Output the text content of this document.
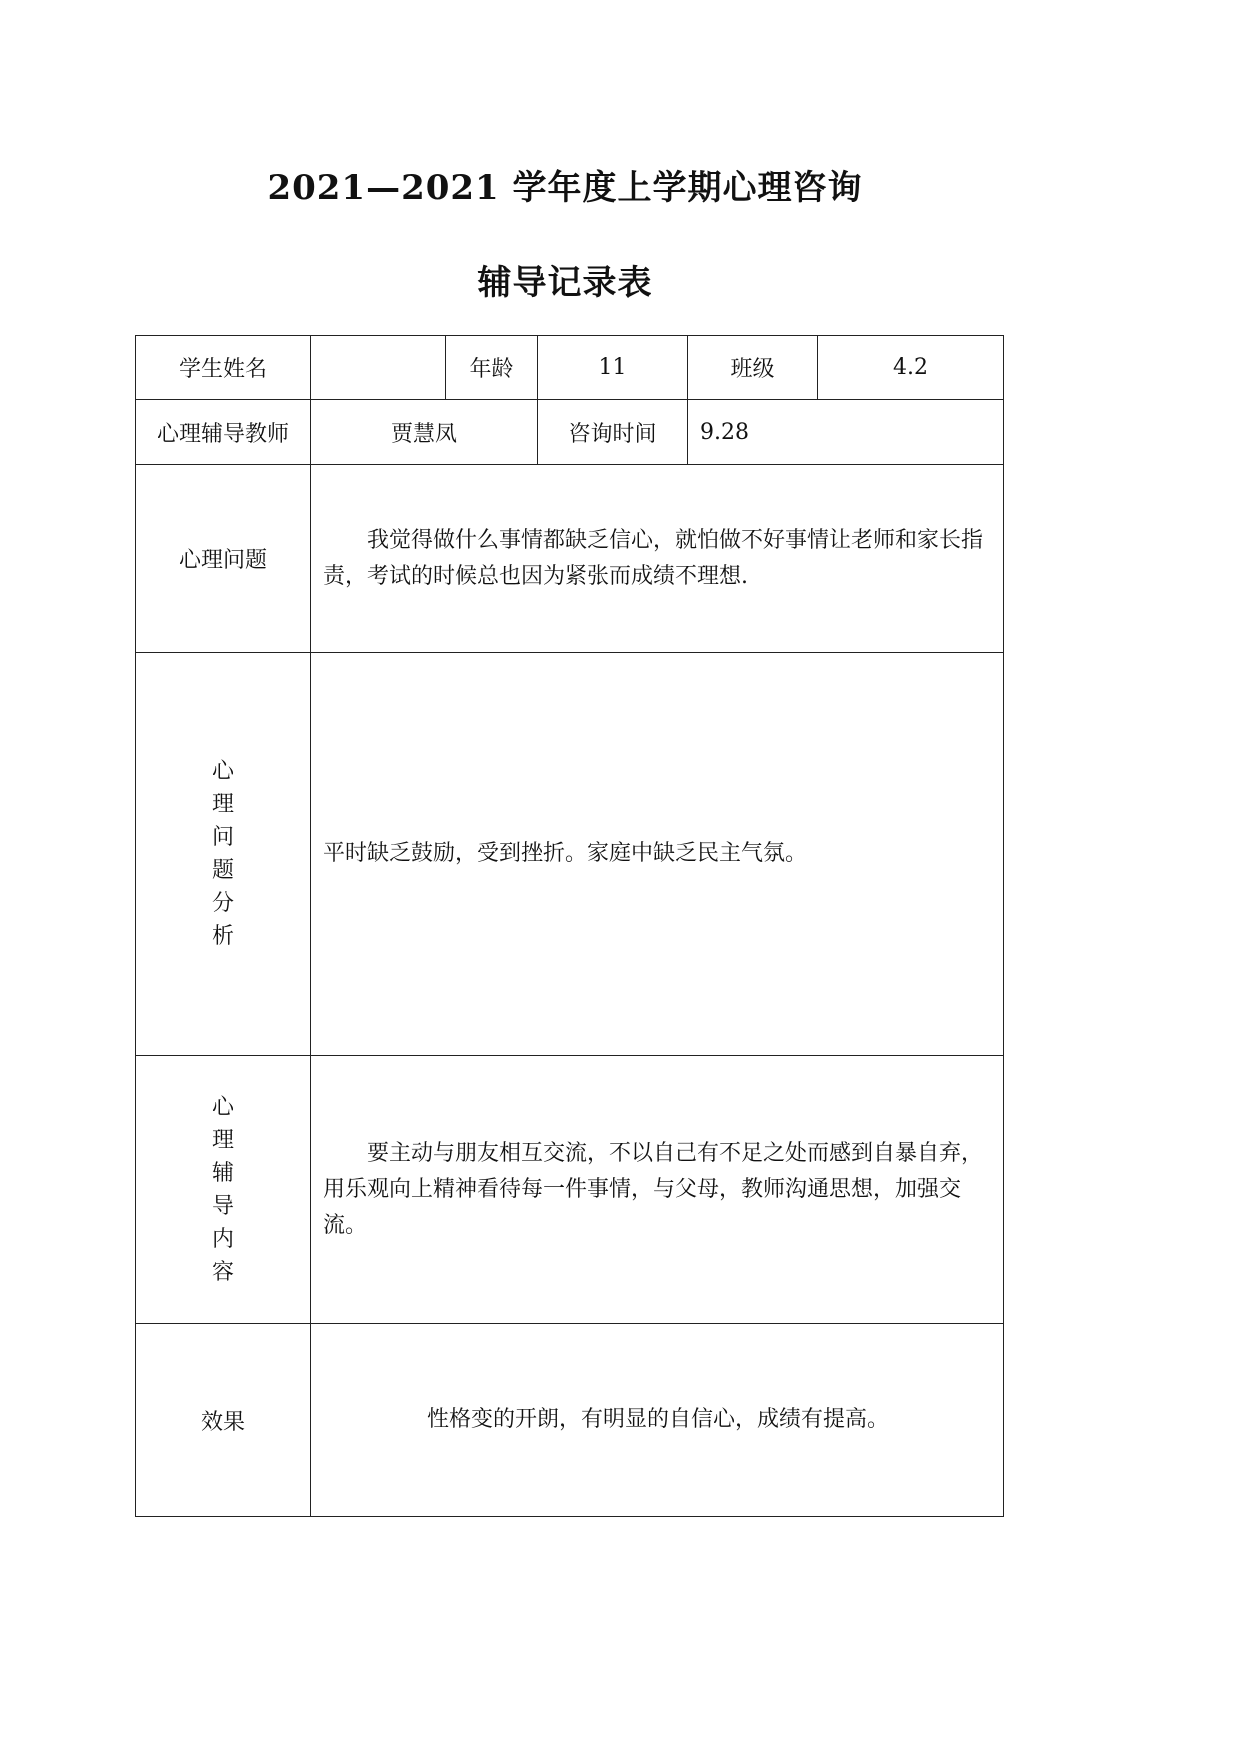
2021—2021 学年度上学期心理咨询
辅导记录表
学生姓名		年龄	11	班级	4.2
心理辅导教师	贾慧凤		咨询时间	9.28	
心理问题	我觉得做什么事情都缺乏信心，就怕做不好事情让老师和家长指责，考试的时候总也因为紧张而成绩不理想.				

心理问题分析	平时缺乏鼓励，受到挫折。家庭中缺乏民主气氛。				

心理辅导内容	要主动与朋友相互交流，不以自己有不足之处而感到自暴自弃，用乐观向上精神看待每一件事情，与父母，教师沟通思想，加强交流。				

效果	性格变的开朗，有明显的自信心，成绩有提高。				
